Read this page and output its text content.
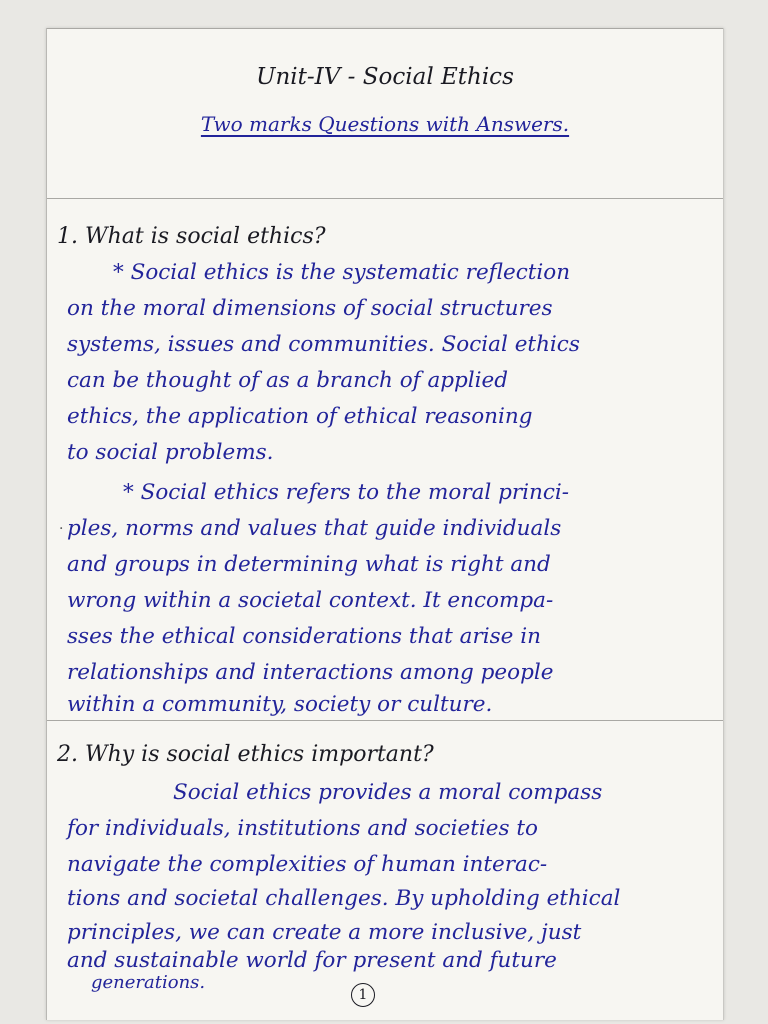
Unit-IV - Social Ethics
Two marks Questions with Answers.
·
1. What is social ethics?
* Social ethics is the systematic reflection
on the moral dimensions of social structures
systems, issues and communities. Social ethics
can be thought of as a branch of applied
ethics, the application of ethical reasoning
to social problems.
* Social ethics refers to the moral princi-
ples, norms and values that guide individuals
and groups in determining what is right and
wrong within a societal context. It encompa-
sses the ethical considerations that arise in
relationships and interactions among people
within a community, society or culture.
2. Why is social ethics important?
Social ethics provides a moral compass
for individuals, institutions and societies to
navigate the complexities of human interac-
tions and societal challenges. By upholding ethical
principles, we can create a more inclusive, just
and sustainable world for present and future
generations.
1
